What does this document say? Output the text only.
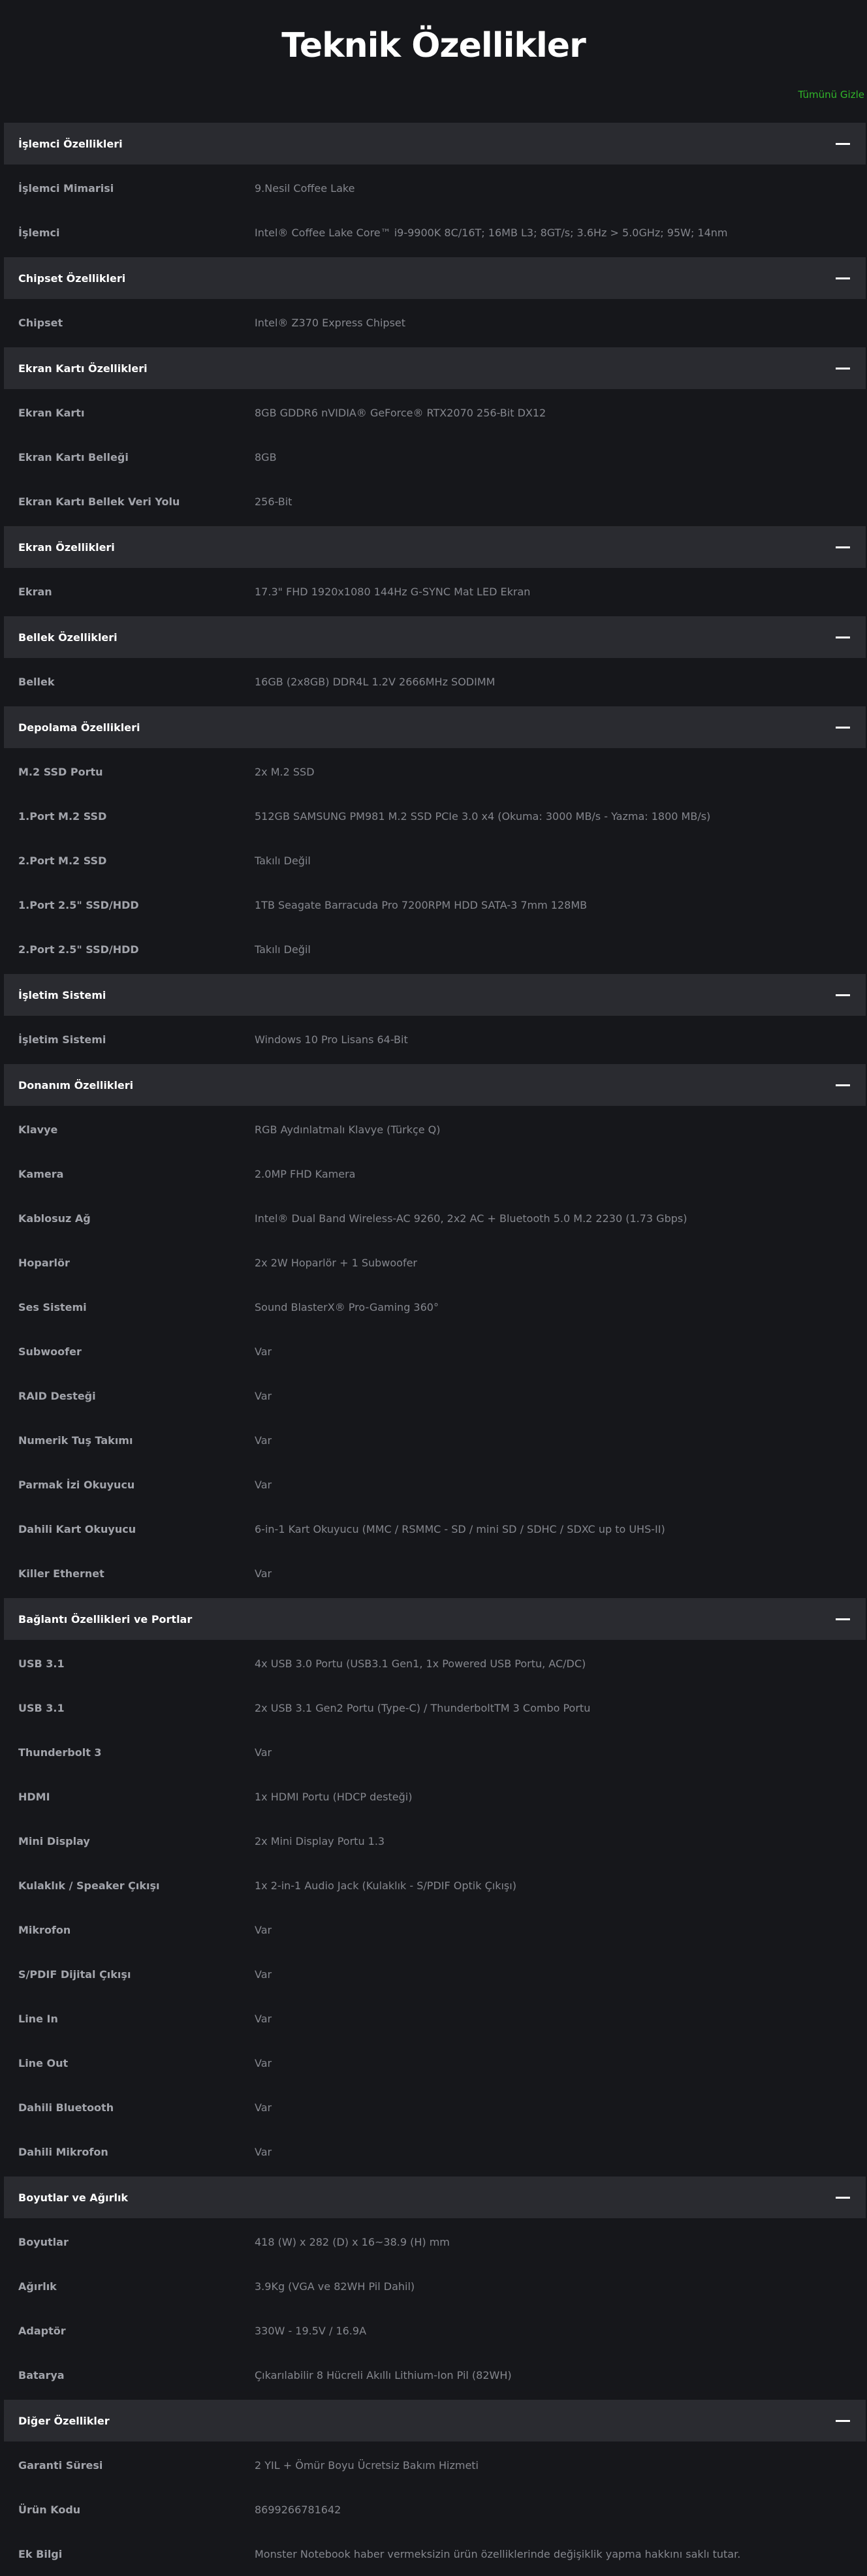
Teknik Özellikler
Tümünü Gizle
İşlemci Özellikleri
İşlemci Mimarisi	9.Nesil Coffee Lake
İşlemci	Intel® Coffee Lake Core™ i9-9900K 8C/16T; 16MB L3; 8GT/s; 3.6Hz > 5.0GHz; 95W; 14nm
Chipset Özellikleri
Chipset	Intel® Z370 Express Chipset
Ekran Kartı Özellikleri
Ekran Kartı	8GB GDDR6 nVIDIA® GeForce® RTX2070 256-Bit DX12
Ekran Kartı Belleği	8GB
Ekran Kartı Bellek Veri Yolu	256-Bit
Ekran Özellikleri
Ekran	17.3" FHD 1920x1080 144Hz G-SYNC Mat LED Ekran
Bellek Özellikleri
Bellek	16GB (2x8GB) DDR4L 1.2V 2666MHz SODIMM
Depolama Özellikleri
M.2 SSD Portu	2x M.2 SSD
1.Port M.2 SSD	512GB SAMSUNG PM981 M.2 SSD PCIe 3.0 x4 (Okuma: 3000 MB/s - Yazma: 1800 MB/s)
2.Port M.2 SSD	Takılı Değil
1.Port 2.5" SSD/HDD	1TB Seagate Barracuda Pro 7200RPM HDD SATA-3 7mm 128MB
2.Port 2.5" SSD/HDD	Takılı Değil
İşletim Sistemi
İşletim Sistemi	Windows 10 Pro Lisans 64-Bit
Donanım Özellikleri
Klavye	RGB Aydınlatmalı Klavye (Türkçe Q)
Kamera	2.0MP FHD Kamera
Kablosuz Ağ	Intel® Dual Band Wireless-AC 9260, 2x2 AC + Bluetooth 5.0 M.2 2230 (1.73 Gbps)
Hoparlör	2x 2W Hoparlör + 1 Subwoofer
Ses Sistemi	Sound BlasterX® Pro-Gaming 360°
Subwoofer	Var
RAID Desteği	Var
Numerik Tuş Takımı	Var
Parmak İzi Okuyucu	Var
Dahili Kart Okuyucu	6-in-1 Kart Okuyucu (MMC / RSMMC - SD / mini SD / SDHC / SDXC up to UHS-II)
Killer Ethernet	Var
Bağlantı Özellikleri ve Portlar
USB 3.1	4x USB 3.0 Portu (USB3.1 Gen1, 1x Powered USB Portu, AC/DC)
USB 3.1	2x USB 3.1 Gen2 Portu (Type-C) / ThunderboltTM 3 Combo Portu
Thunderbolt 3	Var
HDMI	1x HDMI Portu (HDCP desteği)
Mini Display	2x Mini Display Portu 1.3
Kulaklık / Speaker Çıkışı	1x 2-in-1 Audio Jack (Kulaklık - S/PDIF Optik Çıkışı)
Mikrofon	Var
S/PDIF Dijital Çıkışı	Var
Line In	Var
Line Out	Var
Dahili Bluetooth	Var
Dahili Mikrofon	Var
Boyutlar ve Ağırlık
Boyutlar	418 (W) x 282 (D) x 16~38.9 (H) mm
Ağırlık	3.9Kg (VGA ve 82WH Pil Dahil)
Adaptör	330W - 19.5V / 16.9A
Batarya	Çıkarılabilir 8 Hücreli Akıllı Lithium-Ion Pil (82WH)
Diğer Özellikler
Garanti Süresi	2 YIL + Ömür Boyu Ücretsiz Bakım Hizmeti
Ürün Kodu	8699266781642
Ek Bilgi	Monster Notebook haber vermeksizin ürün özelliklerinde değişiklik yapma hakkını saklı tutar.
